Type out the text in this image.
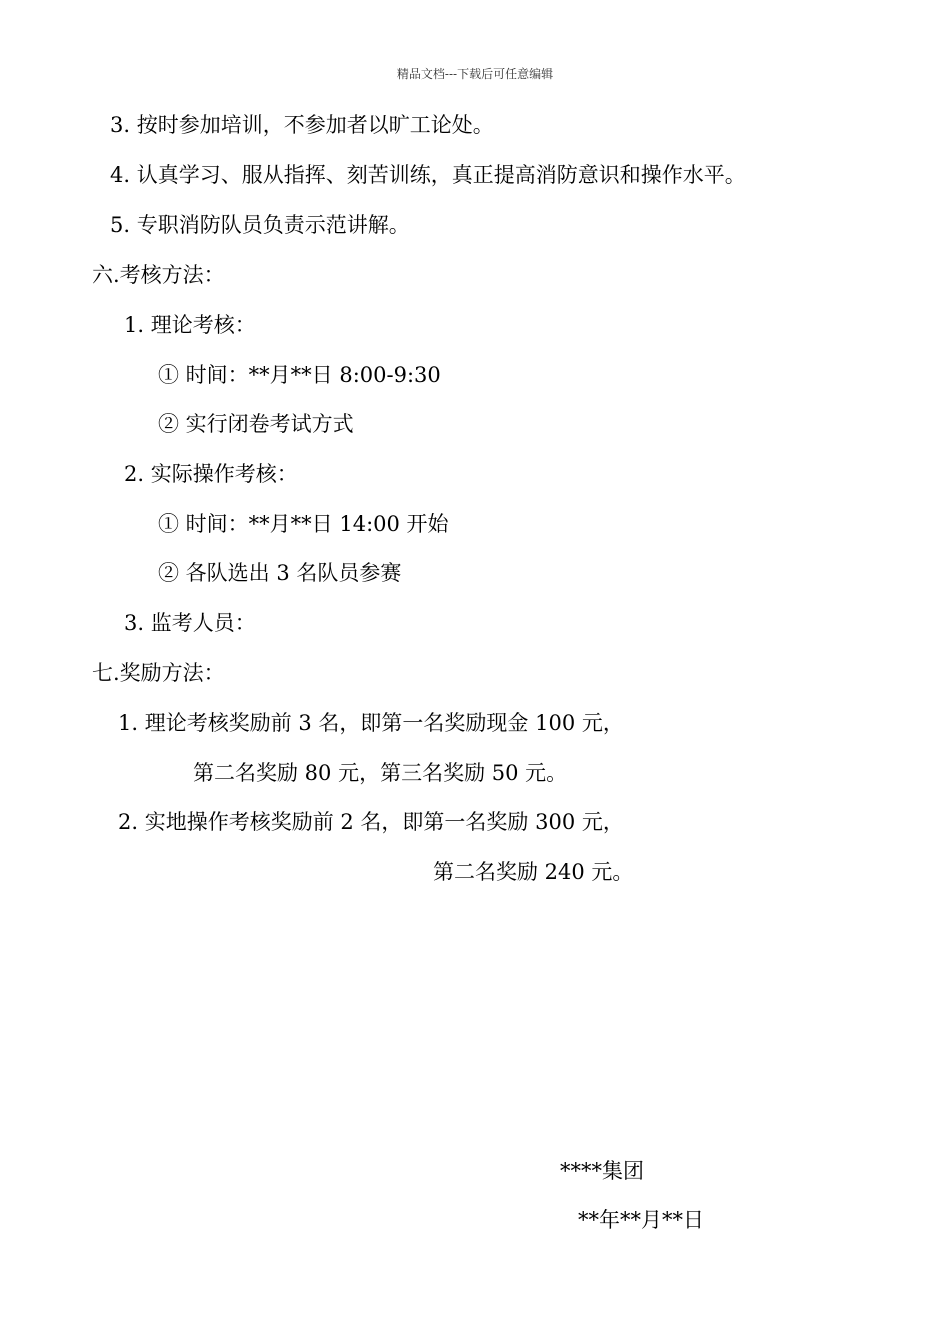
精品文档---下载后可任意编辑
3. 按时参加培训，不参加者以旷工论处。
4. 认真学习、服从指挥、刻苦训练，真正提高消防意识和操作水平。
5. 专职消防队员负责示范讲解。
六.考核方法：
1. 理论考核：
① 时间：**月**日 8:00-9:30
② 实行闭卷考试方式
2. 实际操作考核：
① 时间：**月**日 14:00 开始
② 各队选出 3 名队员参赛
3. 监考人员：
七.奖励方法：
1. 理论考核奖励前 3 名，即第一名奖励现金 100 元，
第二名奖励 80 元，第三名奖励 50 元。
2. 实地操作考核奖励前 2 名，即第一名奖励 300 元，
第二名奖励 240 元。
****集团
**年**月**日
